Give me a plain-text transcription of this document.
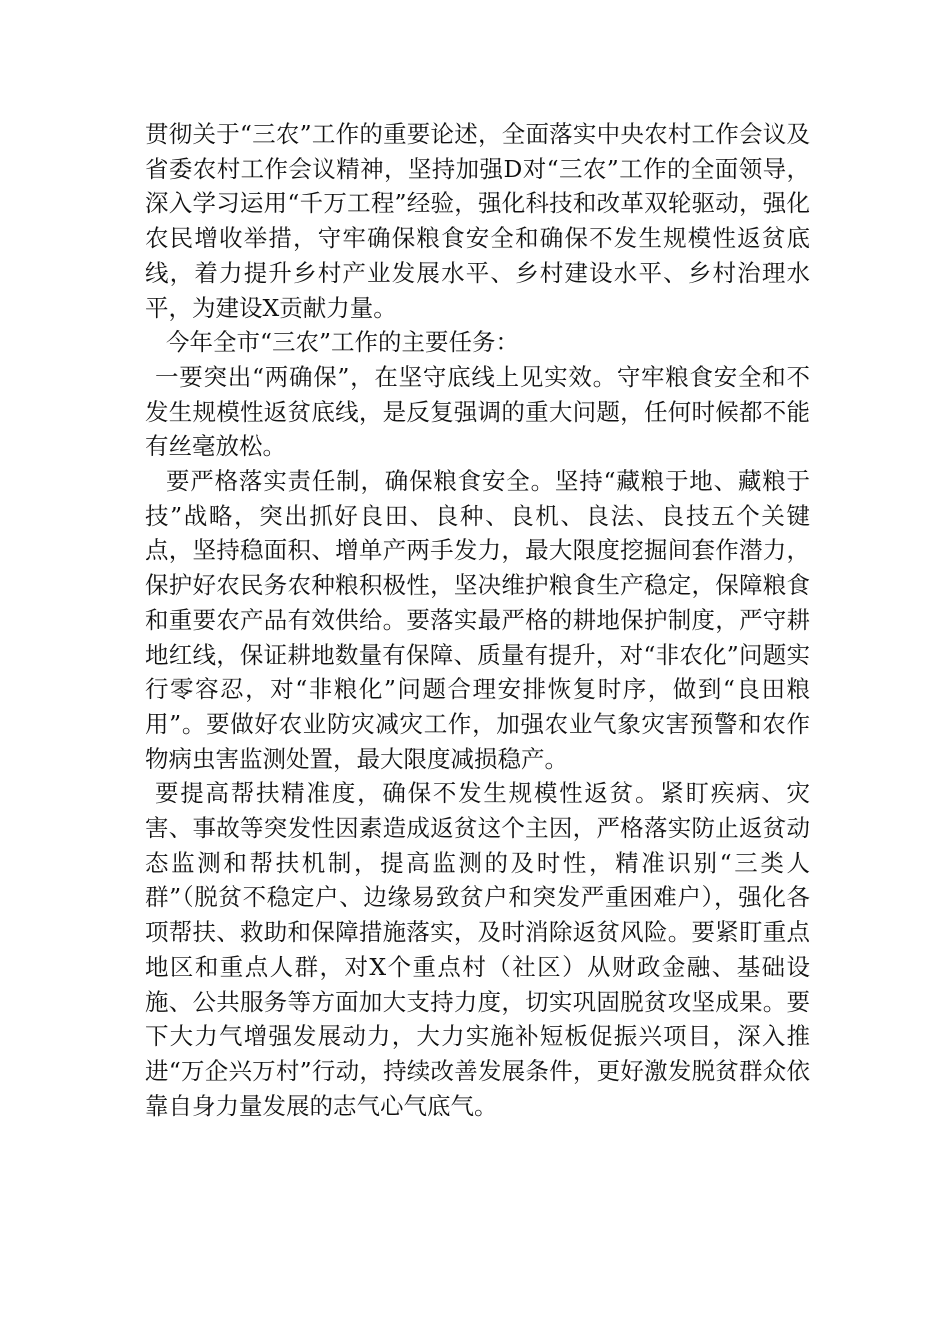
贯彻关于“三农”工作的重要论述，全面落实中央农村工作会议及省委农村工作会议精神，坚持加强D对“三农”工作的全面领导，深入学习运用“千万工程”经验，强化科技和改革双轮驱动，强化农民增收举措，守牢确保粮食安全和确保不发生规模性返贫底线，着力提升乡村产业发展水平、乡村建设水平、乡村治理水平，为建设X贡献力量。

今年全市“三农”工作的主要任务：

一要突出“两确保”，在坚守底线上见实效。守牢粮食安全和不发生规模性返贫底线，是反复强调的重大问题，任何时候都不能有丝毫放松。

要严格落实责任制，确保粮食安全。坚持“藏粮于地、藏粮于技”战略，突出抓好良田、良种、良机、良法、良技五个关键点，坚持稳面积、增单产两手发力，最大限度挖掘间套作潜力，保护好农民务农种粮积极性，坚决维护粮食生产稳定，保障粮食和重要农产品有效供给。要落实最严格的耕地保护制度，严守耕地红线，保证耕地数量有保障、质量有提升，对“非农化”问题实行零容忍，对“非粮化”问题合理安排恢复时序，做到“良田粮用”。要做好农业防灾减灾工作，加强农业气象灾害预警和农作物病虫害监测处置，最大限度减损稳产。

要提高帮扶精准度，确保不发生规模性返贫。紧盯疾病、灾害、事故等突发性因素造成返贫这个主因，严格落实防止返贫动态监测和帮扶机制，提高监测的及时性，精准识别“三类人群”（脱贫不稳定户、边缘易致贫户和突发严重困难户），强化各项帮扶、救助和保障措施落实，及时消除返贫风险。要紧盯重点地区和重点人群，对X个重点村（社区）从财政金融、基础设施、公共服务等方面加大支持力度，切实巩固脱贫攻坚成果。要下大力气增强发展动力，大力实施补短板促振兴项目，深入推进“万企兴万村”行动，持续改善发展条件，更好激发脱贫群众依靠自身力量发展的志气心气底气。
